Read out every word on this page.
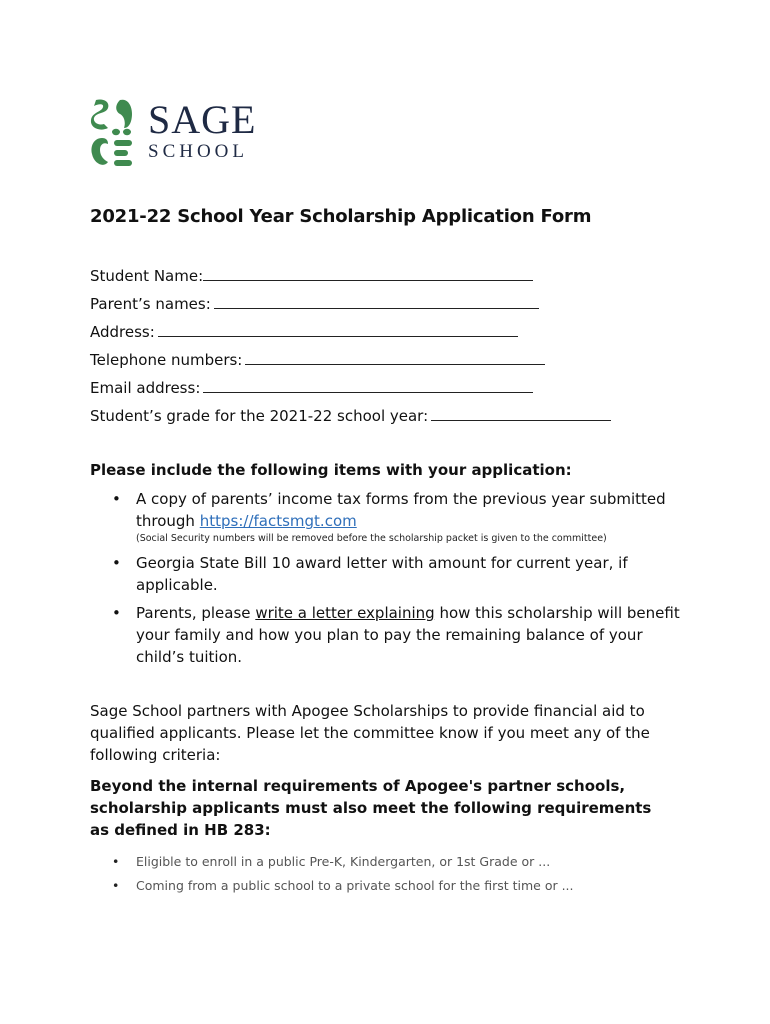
SAGE
SCHOOL
2021-22 School Year Scholarship Application Form
Student Name:
Parent’s names:
Address:
Telephone numbers:
Email address:
Student’s grade for the 2021-22 school year:
Please include the following items with your application:
• A copy of parents’ income tax forms from the previous year submitted through https://factsmgt.com
(Social Security numbers will be removed before the scholarship packet is given to the committee)
• Georgia State Bill 10 award letter with amount for current year, if applicable.
• Parents, please write a letter explaining how this scholarship will benefit your family and how you plan to pay the remaining balance of your child’s tuition.
Sage School partners with Apogee Scholarships to provide financial aid to qualified applicants. Please let the committee know if you meet any of the following criteria:
Beyond the internal requirements of Apogee's partner schools, scholarship applicants must also meet the following requirements as defined in HB 283:
• Eligible to enroll in a public Pre-K, Kindergarten, or 1st Grade or ...
• Coming from a public school to a private school for the first time or ...
